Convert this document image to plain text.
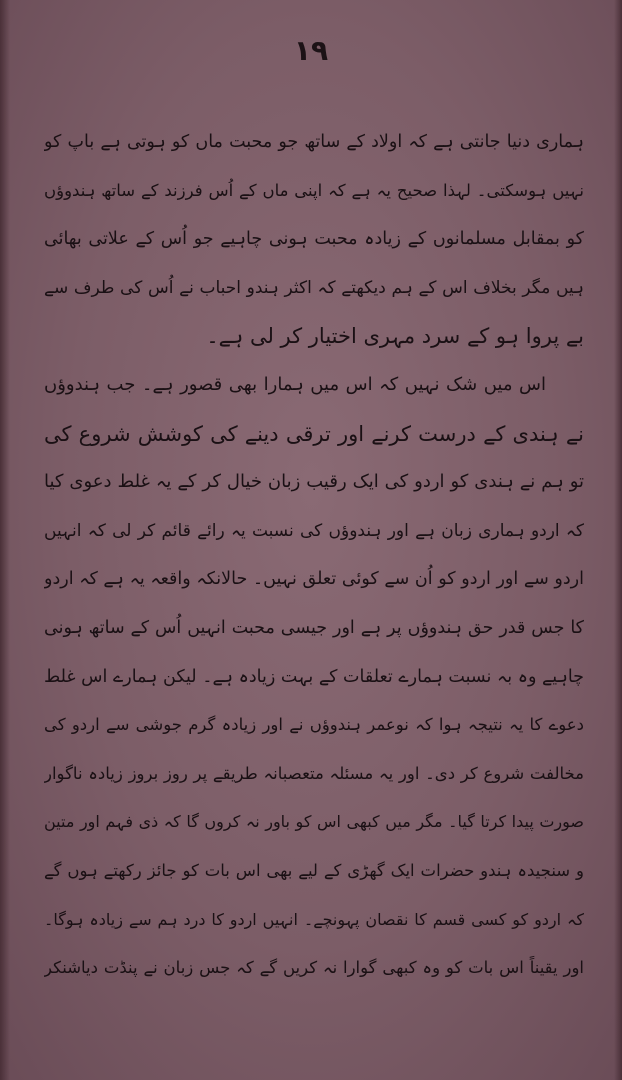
١٩
ہماری دنیا جانتی ہے کہ اولاد کے ساتھ جو محبت ماں کو ہوتی ہے باپ کو
نہیں ہوسکتی۔ لہذا صحیح یہ ہے کہ اپنی ماں کے اُس فرزند کے ساتھ ہندوؤں
کو بمقابل مسلمانوں کے زیادہ محبت ہونی چاہیے جو اُس کے علاتی بھائی
ہیں مگر بخلاف اس کے ہم دیکھتے کہ اکثر ہندو احباب نے اُس کی طرف سے
بے پروا ہو کے سرد مہری اختیار کر لی ہے۔
اس میں شک نہیں کہ اس میں ہمارا بھی قصور ہے۔ جب ہندوؤں
نے ہندی کے درست کرنے اور ترقی دینے کی کوشش شروع کی
تو ہم نے ہندی کو اردو کی ایک رقیب زبان خیال کر کے یہ غلط دعوی کیا
کہ اردو ہماری زبان ہے اور ہندوؤں کی نسبت یہ رائے قائم کر لی کہ انہیں
اردو سے اور اردو کو اُن سے کوئی تعلق نہیں۔ حالانکہ واقعہ یہ ہے کہ اردو
کا جس قدر حق ہندوؤں پر ہے اور جیسی محبت انہیں اُس کے ساتھ ہونی
چاہیے وہ بہ نسبت ہمارے تعلقات کے بہت زیادہ ہے۔ لیکن ہمارے اس غلط
دعوے کا یہ نتیجہ ہوا کہ نوعمر ہندوؤں نے اور زیادہ گرم جوشی سے اردو کی
مخالفت شروع کر دی۔ اور یہ مسئلہ متعصبانہ طریقے پر روز بروز زیادہ ناگوار
صورت پیدا کرتا گیا۔ مگر میں کبھی اس کو باور نہ کروں گا کہ ذی فہم اور متین
و سنجیدہ ہندو حضرات ایک گھڑی کے لیے بھی اس بات کو جائز رکھتے ہوں گے
کہ اردو کو کسی قسم کا نقصان پہونچے۔ انہیں اردو کا درد ہم سے زیادہ ہوگا۔
اور یقیناً اس بات کو وہ کبھی گوارا نہ کریں گے کہ جس زبان نے پنڈت دیاشنکر
